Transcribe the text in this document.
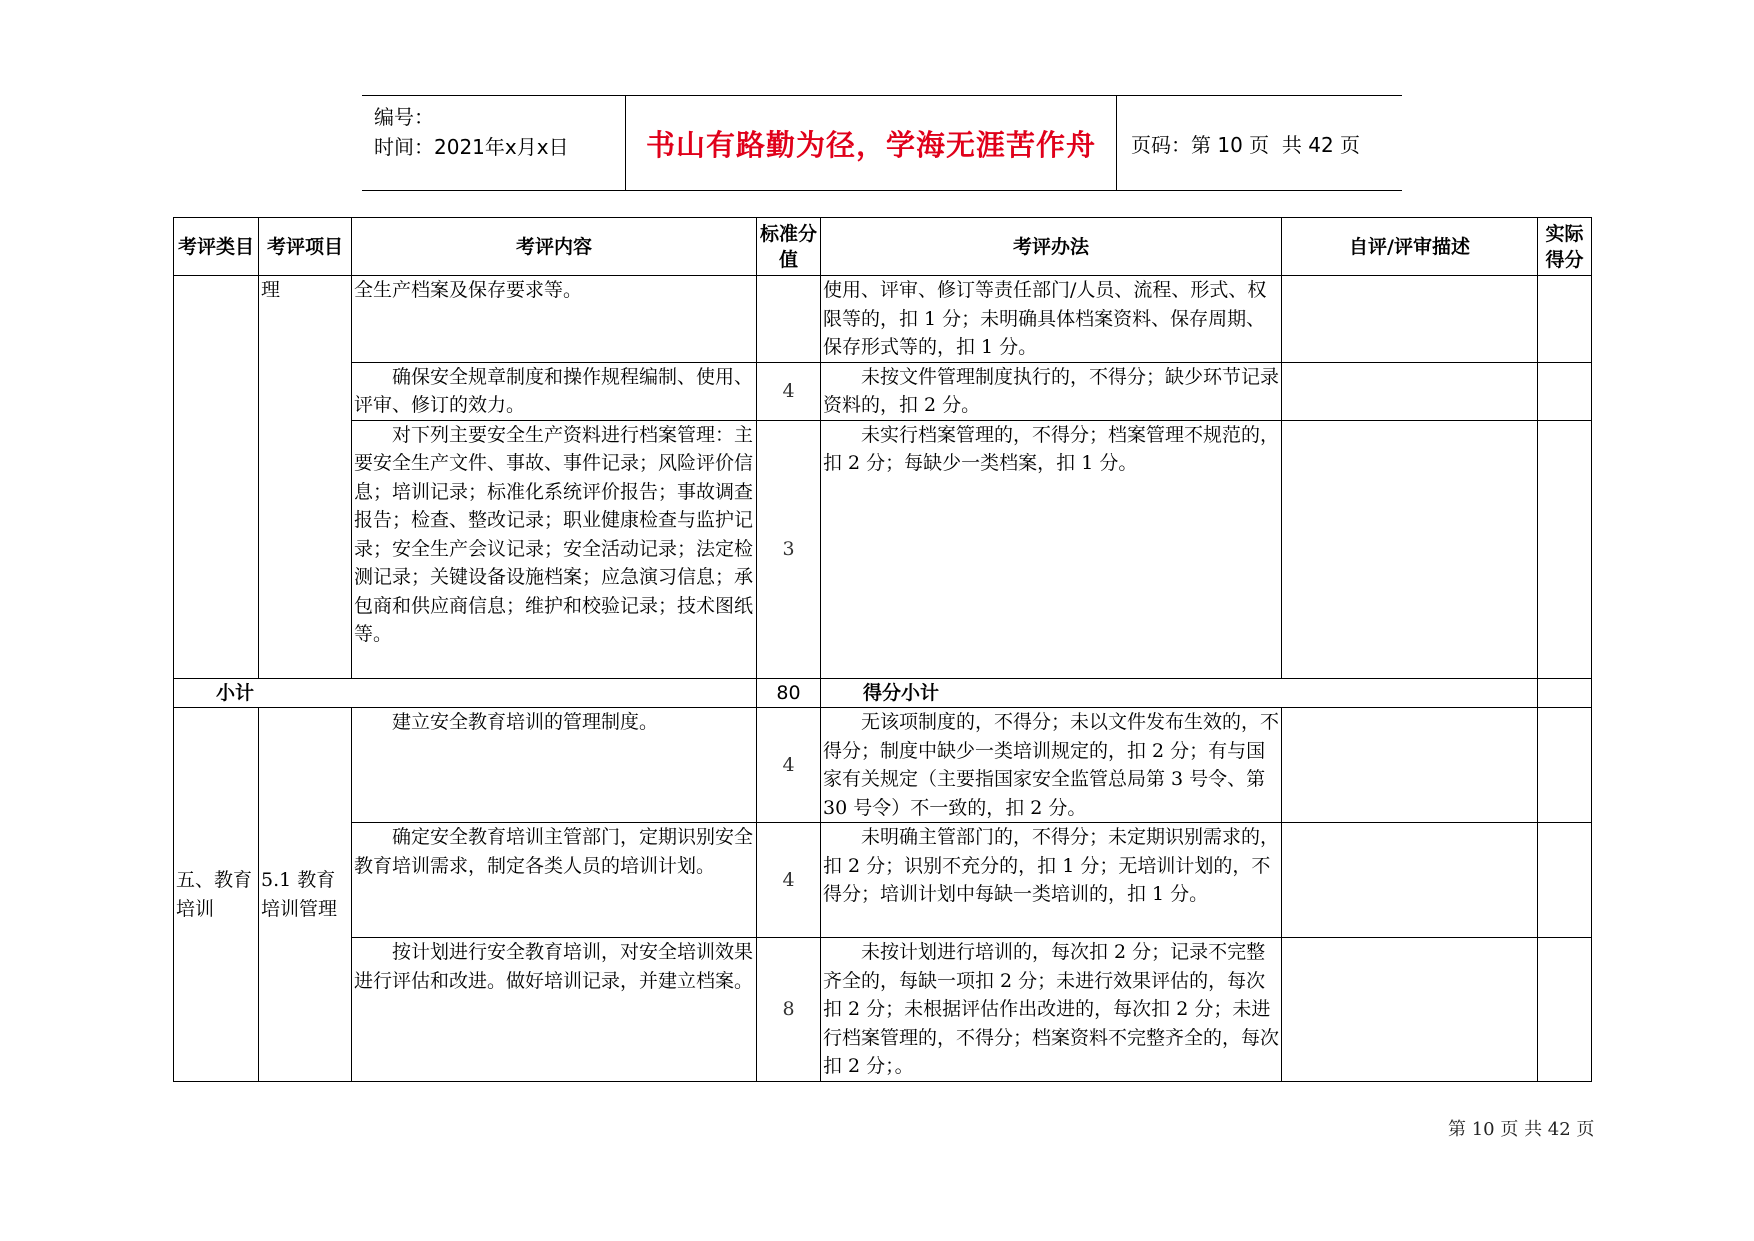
编号：
时间：2021年x月x日	书山有路勤为径，学海无涯苦作舟	页码：第 10 页  共 42 页
考评类目	考评项目	考评内容	标准分值	考评办法	自评/评审描述	实际得分
	理	全生产档案及保存要求等。		使用、评审、修订等责任部门/人员、流程、形式、权限等的，扣 1 分；未明确具体档案资料、保存周期、保存形式等的，扣 1 分。		
		确保安全规章制度和操作规程编制、使用、评审、修订的效力。	4	未按文件管理制度执行的，不得分；缺少环节记录资料的，扣 2 分。		
		对下列主要安全生产资料进行档案管理：主要安全生产文件、事故、事件记录；风险评价信息；培训记录；标准化系统评价报告；事故调查报告；检查、整改记录；职业健康检查与监护记录；安全生产会议记录；安全活动记录；法定检测记录；关键设备设施档案；应急演习信息；承包商和供应商信息；维护和校验记录；技术图纸等。	3	未实行档案管理的，不得分；档案管理不规范的，扣 2 分；每缺少一类档案，扣 1 分。		
小计			80	得分小计		
五、教育培训	5.1 教育培训管理	建立安全教育培训的管理制度。	4	无该项制度的，不得分；未以文件发布生效的，不得分；制度中缺少一类培训规定的，扣 2 分；有与国家有关规定（主要指国家安全监管总局第 3 号令、第 30 号令）不一致的，扣 2 分。		
		确定安全教育培训主管部门，定期识别安全教育培训需求，制定各类人员的培训计划。	4	未明确主管部门的，不得分；未定期识别需求的，扣 2 分；识别不充分的，扣 1 分；无培训计划的，不得分；培训计划中每缺一类培训的，扣 1 分。		
		按计划进行安全教育培训，对安全培训效果进行评估和改进。做好培训记录，并建立档案。	8	未按计划进行培训的，每次扣 2 分；记录不完整齐全的，每缺一项扣 2 分；未进行效果评估的，每次扣 2 分；未根据评估作出改进的，每次扣 2 分；未进行档案管理的，不得分；档案资料不完整齐全的，每次扣 2 分；。		
第 10 页 共 42 页
